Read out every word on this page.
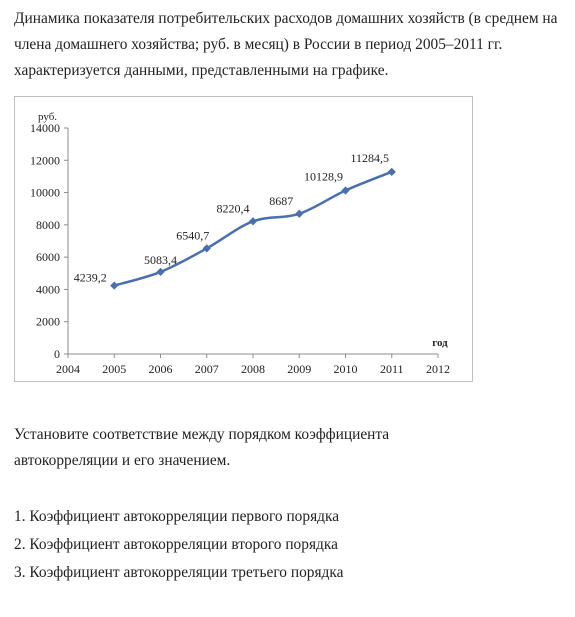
Динамика показателя потребительских расходов домашних хозяйств (в среднем на члена домашнего хозяйства; руб. в месяц) в России в период 2005–2011 гг. характеризуется данными, представленными на графике.
0
2000
4000
6000
8000
10000
12000
14000
2004 2005 2006 2007 2008 2009 2010 2011 2012
руб.
год
4239,2
5083,4
6540,7
8220,4
8687
10128,9
11284,5
Установите соответствие между порядком коэффициента автокорреляции и его значением.
1. Коэффициент автокорреляции первого порядка
2. Коэффициент автокорреляции второго порядка
3. Коэффициент автокорреляции третьего порядка
